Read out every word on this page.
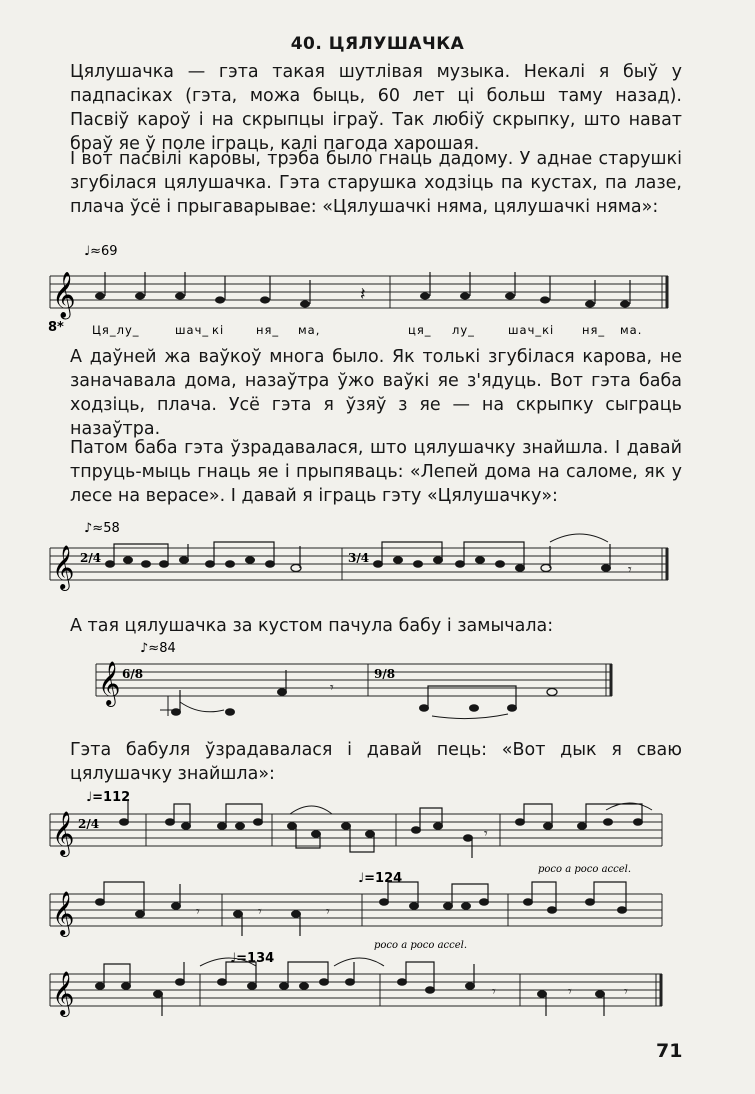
40. ЦЯЛУШАЧКА
Цялушачка — гэта такая шутлівая музыка. Некалі я быў у падпасіках (гэта, можа быць, 60 лет ці больш таму назад). Пасвіў кароў і на скрыпцы іграў. Так любіў скрыпку, што нават браў яе ў поле іграць, калі пагода харошая.
І вот пасвілі каровы, трэба было гнаць дадому. У аднае старушкі згубілася цялушачка. Гэта старушка ходзіць па кустах, па лазе, плача ўсё і прыгаварывае: «Цялушачкі няма, цялушачкі няма»:
♩≈69
𝄞	𝄽
8* Ця_лу_	шач_ кі	ня_ ма,	ця_ лу_	шач_кі ня_ ма.
А даўней жа ваўкоў многа было. Як толькі згубілася карова, не заначавала дома, назаўтра ўжо ваўкі яе з'ядуць. Вот гэта баба ходзіць, плача. Усё гэта я ўзяў з яе — на скрыпку сыграць назаўтра.
Патом баба гэта ўзрадавалася, што цялушачку знайшла. І давай тпруць-мыць гнаць яе і прыпяваць: «Лепей дома на саломе, як у лесе на верасе». І давай я іграць гэту «Цялушачку»:
♪≈58
𝄞 2/4	3/4
𝄾
А тая цялушачка за кустом пачула бабу і замычала:
♪≈84
𝄞 6/8	9/8
𝄾
Гэта бабуля ўзрадавалася і давай пець: «Вот дык я сваю цялушачку знайшла»:
♩=112
𝄞 2/4
𝄾
poco a poco accel.
♩=124
𝄞	𝄾	𝄾	𝄾
poco a poco accel.
♩=134
𝄞	𝄾	𝄾	𝄾
71
